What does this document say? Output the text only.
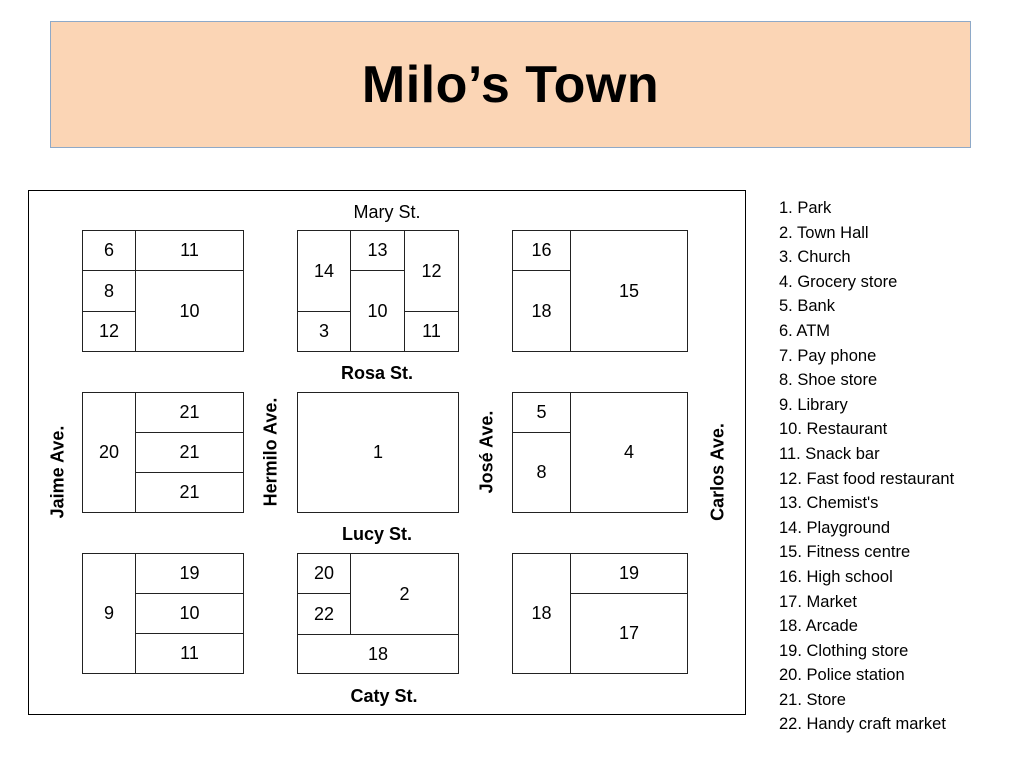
Milo’s Town
Mary St.
Rosa St.
Lucy St.
Caty St.
Jaime Ave.	Hermilo Ave.	José Ave.	Carlos Ave.
6	11
8
10
12
14
13
12
10
3	11
16
15
18
20
21
21
21
1
5
4
8
9
19
10
11
20
2
22
18
18
19
17
1. Park
2. Town Hall
3. Church
4. Grocery store
5. Bank
6. ATM
7. Pay phone
8. Shoe store
9. Library
10. Restaurant
11. Snack bar
12. Fast food restaurant
13. Chemist's
14. Playground
15. Fitness centre
16. High school
17. Market
18. Arcade
19. Clothing store
20. Police station
21. Store
22. Handy craft market
